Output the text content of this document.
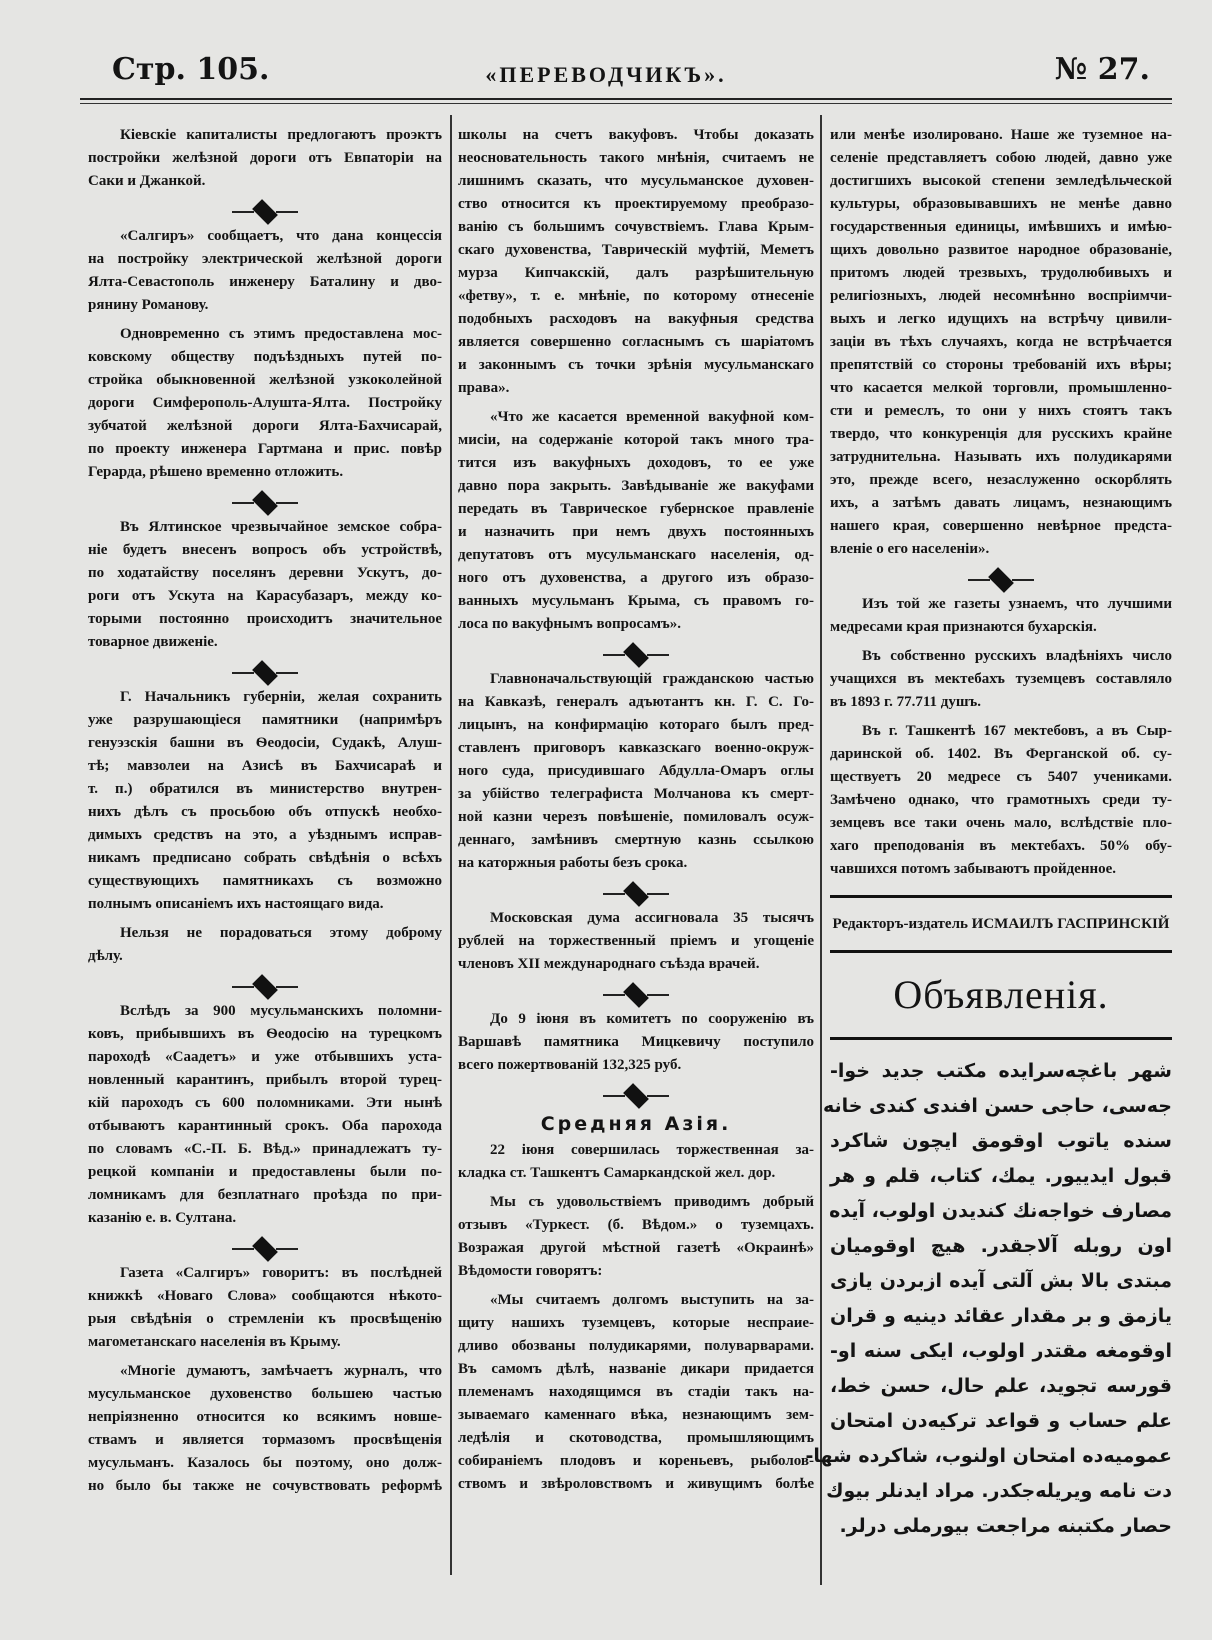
Стр. 105.	«ПЕРЕВОДЧИКЪ».	№ 27.
Кіевскіе капиталисты предлогаютъ проэктъ
постройки желѣзной дороги отъ Евпаторіи на
Саки и Джанкой.
«Салгиръ» сообщаетъ, что дана концессія
на постройку электрической желѣзной дороги
Ялта-Севастополь инженеру Баталину и дво-
рянину Романову.
Одновременно съ этимъ предоставлена мос-
ковскому обществу подъѣздныхъ путей по-
стройка обыкновенной желѣзной узкоколейной
дороги Симферополь-Алушта-Ялта. Постройку
зубчатой желѣзной дороги Ялта-Бахчисарай,
по проекту инженера Гартмана и прис. повѣр
Герарда, рѣшено временно отложить.
Въ Ялтинское чрезвычайное земское собра-
ніе будетъ внесенъ вопросъ объ устройствѣ,
по ходатайству поселянъ деревни Ускутъ, до-
роги отъ Ускута на Карасубазаръ, между ко-
торыми постоянно происходитъ значительное
товарное движеніе.
Г. Начальникъ губерніи, желая сохранить
уже разрушающіеся памятники (напримѣръ
генуэзскія башни въ Ѳеодосіи, Судакѣ, Алуш-
тѣ; мавзолеи на Азисѣ въ Бахчисараѣ и
т. п.) обратился въ министерство внутрен-
нихъ дѣлъ съ просьбою объ отпускѣ необхо-
димыхъ средствъ на это, а уѣзднымъ исправ-
никамъ предписано собрать свѣдѣнія о всѣхъ
существующихъ памятникахъ съ возможно
полнымъ описаніемъ ихъ настоящаго вида.
Нельзя не порадоваться этому доброму
дѣлу.
Вслѣдъ за 900 мусульманскихъ поломни-
ковъ, прибывшихъ въ Ѳеодосію на турецкомъ
пароходѣ «Саадетъ» и уже отбывшихъ уста-
новленный карантинъ, прибылъ второй турец-
кій пароходъ съ 600 поломниками. Эти нынѣ
отбываютъ карантинный срокъ. Оба парохода
по словамъ «С.-П. Б. Вѣд.» принадлежатъ ту-
рецкой компаніи и предоставлены были по-
ломникамъ для безплатнаго проѣзда по при-
казанію е. в. Султана.
Газета «Салгиръ» говоритъ: въ послѣдней
книжкѣ «Новаго Слова» сообщаются нѣкото-
рыя свѣдѣнія о стремленіи къ просвѣщенію
магометанскаго населенія въ Крыму.
«Многіе думаютъ, замѣчаетъ журналъ, что
мусульманское духовенство большею частью
непріязненно относится ко всякимъ новше-
ствамъ и является тормазомъ просвѣщенія
мусульманъ. Казалось бы поэтому, оно долж-
но было бы также не сочувствовать реформѣ
школы на счетъ вакуфовъ. Чтобы доказать
неосновательность такого мнѣнія, считаемъ не
лишнимъ сказать, что мусульманское духовен-
ство относится къ проектируемому преобразо-
ванію съ большимъ сочувствіемъ. Глава Крым-
скаго духовенства, Таврическій муфтій, Меметъ
мурза Кипчакскій, далъ разрѣшительную
«фетву», т. е. мнѣніе, по которому отнесеніе
подобныхъ расходовъ на вакуфныя средства
является совершенно согласнымъ съ шаріатомъ
и законнымъ съ точки зрѣнія мусульманскаго
права».
«Что же касается временной вакуфной ком-
мисіи, на содержаніе которой такъ много тра-
тится изъ вакуфныхъ доходовъ, то ее уже
давно пора закрыть. Завѣдываніе же вакуфами
передать въ Таврическое губернское правленіе
и назначить при немъ двухъ постоянныхъ
депутатовъ отъ мусульманскаго населенія, од-
ного отъ духовенства, а другого изъ образо-
ванныхъ мусульманъ Крыма, съ правомъ го-
лоса по вакуфнымъ вопросамъ».
Главноначальствующій гражданскою частью
на Кавказѣ, генералъ адъютантъ кн. Г. С. Го-
лицынъ, на конфирмацію котораго былъ пред-
ставленъ приговоръ кавказскаго военно-окруж-
ного суда, присудившаго Абдулла-Омаръ оглы
за убійство телеграфиста Молчанова къ смерт-
ной казни черезъ повѣшеніе, помиловалъ осуж-
деннаго, замѣнивъ смертную казнь ссылкою
на каторжныя работы безъ срока.
Московская дума ассигновала 35 тысячъ
рублей на торжественный пріемъ и угощеніе
членовъ XII международнаго съѣзда врачей.
До 9 іюня въ комитетъ по сооруженію въ
Варшавѣ памятника Мицкевичу поступило
всего пожертвованій 132,325 руб.
Средняя Азія.
22 іюня совершилась торжественная за-
кладка ст. Ташкентъ Самаркандской жел. дор.
Мы съ удовольствіемъ приводимъ добрый
отзывъ «Туркест. (б. Вѣдом.» о туземцахъ.
Возражая другой мѣстной газетѣ «Окраинѣ»
Вѣдомости говорятъ:
«Мы считаемъ долгомъ выступить на за-
щиту нашихъ туземцевъ, которые неспраие-
дливо обозваны полудикарями, полуварварами.
Въ самомъ дѣлѣ, названіе дикари придается
племенамъ находящимся въ стадіи такъ на-
зываемаго каменнаго вѣка, незнающимъ зем-
ледѣлія и скотоводства, промышляющимъ
собираніемъ плодовъ и кореньевъ, рыболов-
ствомъ и звѣроловствомъ и живущимъ болѣе
или менѣе изолировано. Наше же туземное на-
селеніе представляетъ собою людей, давно уже
достигшихъ высокой степени земледѣльческой
культуры, образовывавшихъ не менѣе давно
государственныя единицы, имѣвшихъ и имѣю-
щихъ довольно развитое народное образованіе,
притомъ людей трезвыхъ, трудолюбивыхъ и
религіозныхъ, людей несомнѣнно воспріимчи-
выхъ и легко идущихъ на встрѣчу цивили-
заціи въ тѣхъ случаяхъ, когда не встрѣчается
препятствій со стороны требованій ихъ вѣры;
что касается мелкой торговли, промышленно-
сти и ремеслъ, то они у нихъ стоятъ такъ
твердо, что конкуренція для русскихъ крайне
затруднительна. Называть ихъ полудикарями
это, прежде всего, незаслуженно оскорблять
ихъ, а затѣмъ давать лицамъ, незнающимъ
нашего края, совершенно невѣрное предста-
вленіе о его населеніи».
Изъ той же газеты узнаемъ, что лучшими
медресами края признаются бухарскія.
Въ собственно русскихъ владѣніяхъ число
учащихся въ мектебахъ туземцевъ составляло
въ 1893 г. 77.711 душъ.
Въ г. Ташкентѣ 167 мектебовъ, а въ Сыр-
даринской об. 1402. Въ Ферганской об. су-
ществуетъ 20 медресе съ 5407 учениками.
Замѣчено однако, что грамотныхъ среди ту-
земцевъ все таки очень мало, вслѣдствіе пло-
хаго преподованія въ мектебахъ. 50% обу-
чавшихся потомъ забываютъ пройденное.
Редакторъ-издатель ИСМАИЛЪ ГАСПРИНСКІЙ
Объявленія.
شهر باغچه‌سرایده مکتب جدید خوا-
جه‌سی، حاجی حسن افندی کندی خانه
سنده یاتوب اوقومق ایچون شاکرد
قبول ایدییور. یمك، کتاب، قلم و هر
مصارف خواجه‌نك کندیدن اولوب، آیده
اون روبله آلاجقدر. هیچ اوقومیان
مبتدی بالا بش آلتی آیده ازبردن یازی
یازمق و بر مقدار عقائد دینیه و قران
اوقومغه مقتدر اولوب، ایکی سنه او-
قورسه تجوید، علم حال، حسن خط،
علم حساب و قواعد ترکیه‌دن امتحان
عمومیه‌ده امتحان اولنوب، شاکرده شها-
دت نامه ویریله‌جکدر. مراد ایدنلر بیوك
حصار مکتبنه مراجعت بیورملی درلر.
